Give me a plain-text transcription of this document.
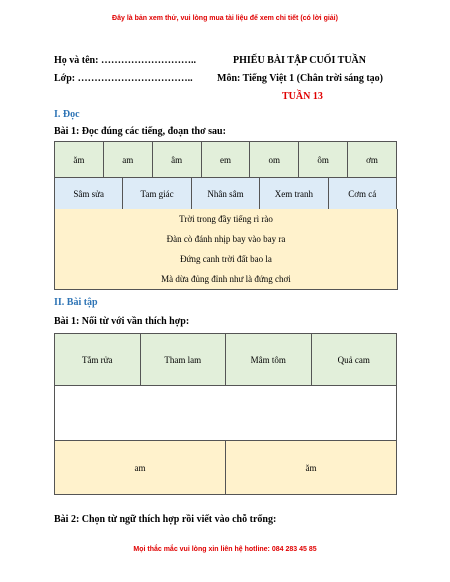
Đây là bản xem thử, vui lòng mua tài liệu để xem chi tiết (có lời giải)
Họ và tên: ………………………..	PHIẾU BÀI TẬP CUỐI TUẦN
Lớp: …………………………….. Môn: Tiếng Việt 1 (Chân trời sáng tạo)
TUẦN 13
I. Đọc
Bài 1: Đọc đúng các tiếng, đoạn thơ sau:
ăm	am	âm	em	om	ôm	ơm
Sâm sửa	Tam giác	Nhân sâm	Xem tranh	Cơm cá
Trời trong đầy tiếng rì rào
Đàn cò đánh nhịp bay vào bay ra
Đứng canh trời đất bao la
Mà dừa đủng đỉnh như là đứng chơi
II. Bài tập
Bài 1: Nối từ với vần thích hợp:
Tắm rửa	Tham lam	Mâm tôm	Quả cam
am	ăm
Bài 2: Chọn từ ngữ thích hợp rồi viết vào chỗ trống:
Mọi thắc mắc vui lòng xin liên hệ hotline: 084 283 45 85
